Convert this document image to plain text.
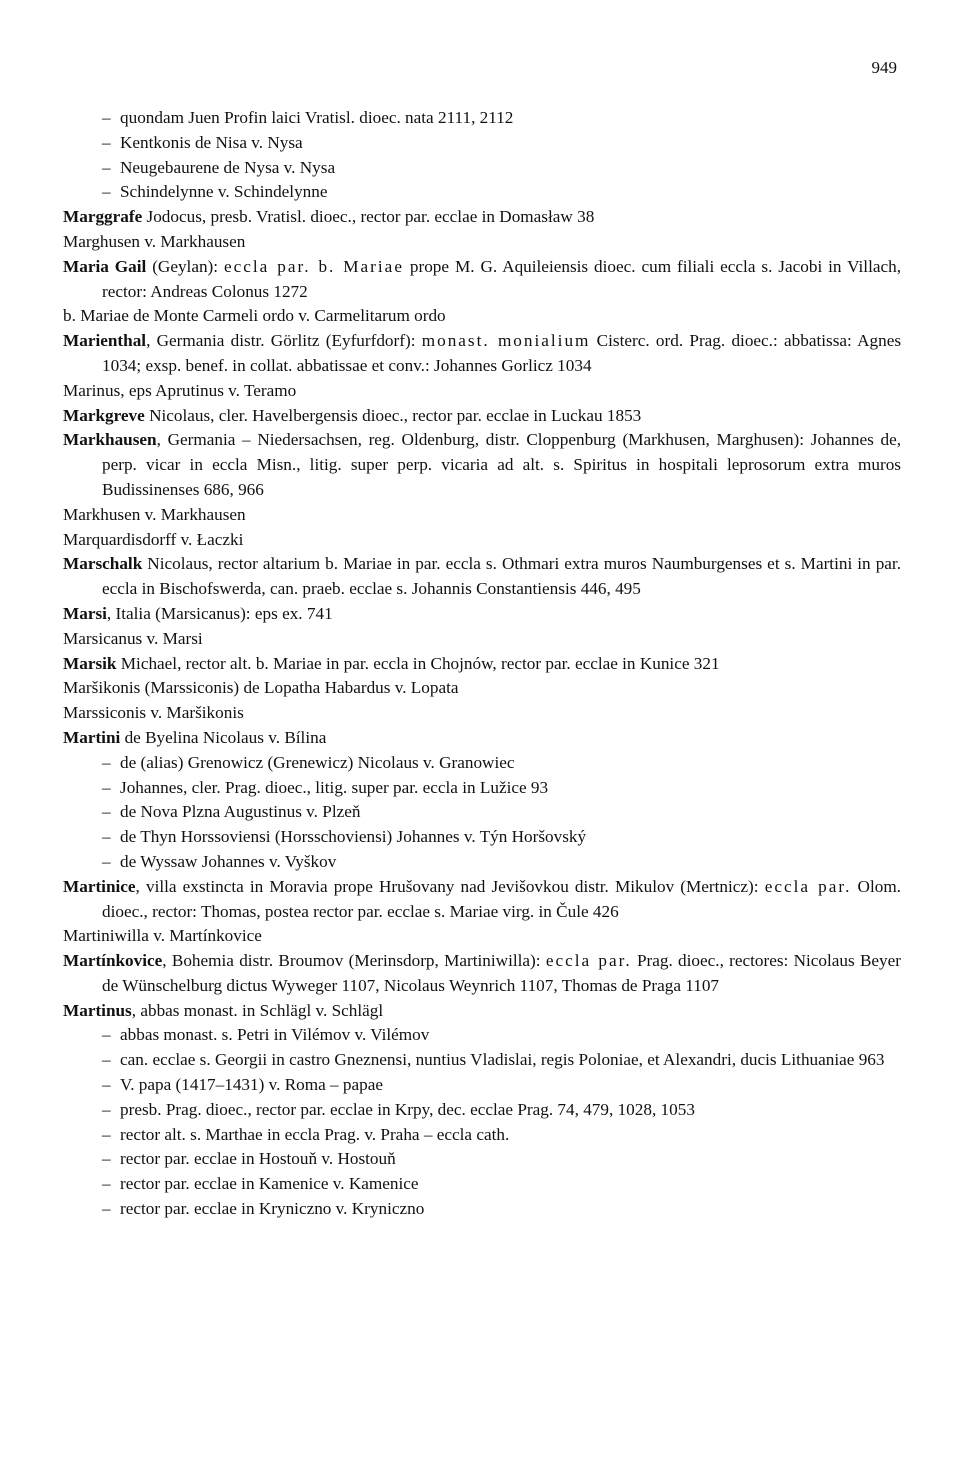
949

– quondam Juen Profin laici Vratisl. dioec. nata 2111, 2112

– Kentkonis de Nisa v. Nysa

– Neugebaurene de Nysa v. Nysa

– Schindelynne v. Schindelynne

Marggrafe Jodocus, presb. Vratisl. dioec., rector par. ecclae in Domasław 38

Marghusen v. Markhausen

Maria Gail (Geylan): eccla par. b. Mariae prope M. G. Aquileiensis dioec. cum filiali eccla s. Jacobi in Villach, rector: Andreas Colonus 1272

b. Mariae de Monte Carmeli ordo v. Carmelitarum ordo

Marienthal, Germania distr. Görlitz (Eyfurfdorf): monast. monialium Cisterc. ord. Prag. dioec.: abbatissa: Agnes 1034; exsp. benef. in collat. abbatissae et conv.: Johannes Gorlicz 1034

Marinus, eps Aprutinus v. Teramo

Markgreve Nicolaus, cler. Havelbergensis dioec., rector par. ecclae in Luckau 1853

Markhausen, Germania – Niedersachsen, reg. Oldenburg, distr. Cloppenburg (Markhusen, Marghusen): Johannes de, perp. vicar in eccla Misn., litig. super perp. vicaria ad alt. s. Spiritus in hospitali leprosorum extra muros Budissinenses 686, 966

Markhusen v. Markhausen

Marquardisdorff v. Łaczki

Marschalk Nicolaus, rector altarium b. Mariae in par. eccla s. Othmari extra muros Naumburgenses et s. Martini in par. eccla in Bischofswerda, can. praeb. ecclae s. Johannis Constantiensis 446, 495

Marsi, Italia (Marsicanus): eps ex. 741

Marsicanus v. Marsi

Marsik Michael, rector alt. b. Mariae in par. eccla in Chojnów, rector par. ecclae in Kunice 321

Maršikonis (Marssiconis) de Lopatha Habardus v. Lopata

Marssiconis v. Maršikonis

Martini de Byelina Nicolaus v. Bílina

– de (alias) Grenowicz (Grenewicz) Nicolaus v. Granowiec

– Johannes, cler. Prag. dioec., litig. super par. eccla in Lužice 93

– de Nova Plzna Augustinus v. Plzeň

– de Thyn Horssoviensi (Horsschoviensi) Johannes v. Týn Horšovský

– de Wyssaw Johannes v. Vyškov

Martinice, villa exstincta in Moravia prope Hrušovany nad Jevišovkou distr. Mikulov (Mertnicz): eccla par. Olom. dioec., rector: Thomas, postea rector par. ecclae s. Mariae virg. in Čule 426

Martiniwilla v. Martínkovice

Martínkovice, Bohemia distr. Broumov (Merinsdorp, Martiniwilla): eccla par. Prag. dioec., rectores: Nicolaus Beyer de Wünschelburg dictus Wyweger 1107, Nicolaus Weynrich 1107, Thomas de Praga 1107

Martinus, abbas monast. in Schlägl v. Schlägl

– abbas monast. s. Petri in Vilémov v. Vilémov

– can. ecclae s. Georgii in castro Gneznensi, nuntius Vladislai, regis Poloniae, et Alexandri, ducis Lithuaniae 963

– V. papa (1417–1431) v. Roma – papae

– presb. Prag. dioec., rector par. ecclae in Krpy, dec. ecclae Prag. 74, 479, 1028, 1053

– rector alt. s. Marthae in eccla Prag. v. Praha – eccla cath.

– rector par. ecclae in Hostouň v. Hostouň

– rector par. ecclae in Kamenice v. Kamenice

– rector par. ecclae in Kryniczno v. Kryniczno
